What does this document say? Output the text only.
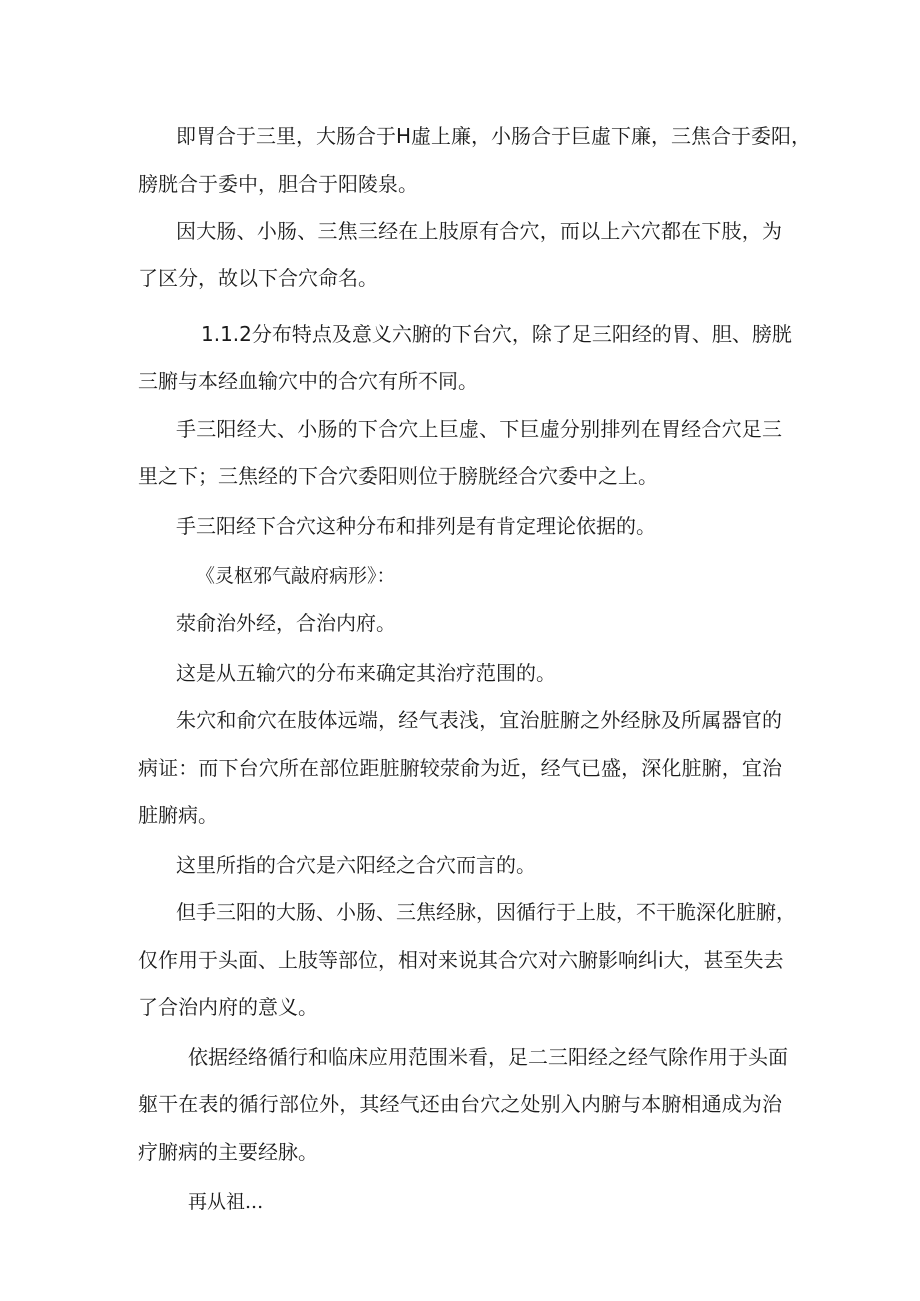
即胃合于三里，大肠合于H虛上廉，小肠合于巨虛下廉，三焦合于委阳，

膀胱合于委中，胆合于阳陵泉。

因大肠、小肠、三焦三经在上肢原有合穴，而以上六穴都在下肢，为

了区分，故以下合穴命名。

1.1.2分布特点及意义六腑的下台穴，除了足三阳经的胃、胆、膀胱

三腑与本经血输穴中的合穴有所不同。

手三阳经大、小肠的下合穴上巨虚、下巨虛分别排列在胃经合穴足三

里之下；三焦经的下合穴委阳则位于膀胱经合穴委中之上。

手三阳经下合穴这种分布和排列是有肯定理论依据的。

《灵枢邪气敲府病形》：

荥俞治外经，合治内府。

这是从五输穴的分布来确定其治疗范围的。

朱穴和俞穴在肢体远端，经气表浅，宜治脏腑之外经脉及所属器官的

病证：而下台穴所在部位距脏腑较荥俞为近，经气已盛，深化脏腑，宜治

脏腑病。

这里所指的合穴是六阳经之合穴而言的。

但手三阳的大肠、小肠、三焦经脉，因循行于上肢，不干脆深化脏腑，

仅作用于头面、上肢等部位，相对来说其合穴对六腑影响纠i大，甚至失去

了合治内府的意义。

依据经络循行和临床应用范围米看，足二三阳经之经气除作用于头面

躯干在表的循行部位外，其经气还由台穴之处别入内腑与本腑相通成为治

疗腑病的主要经脉。

再从祖...
